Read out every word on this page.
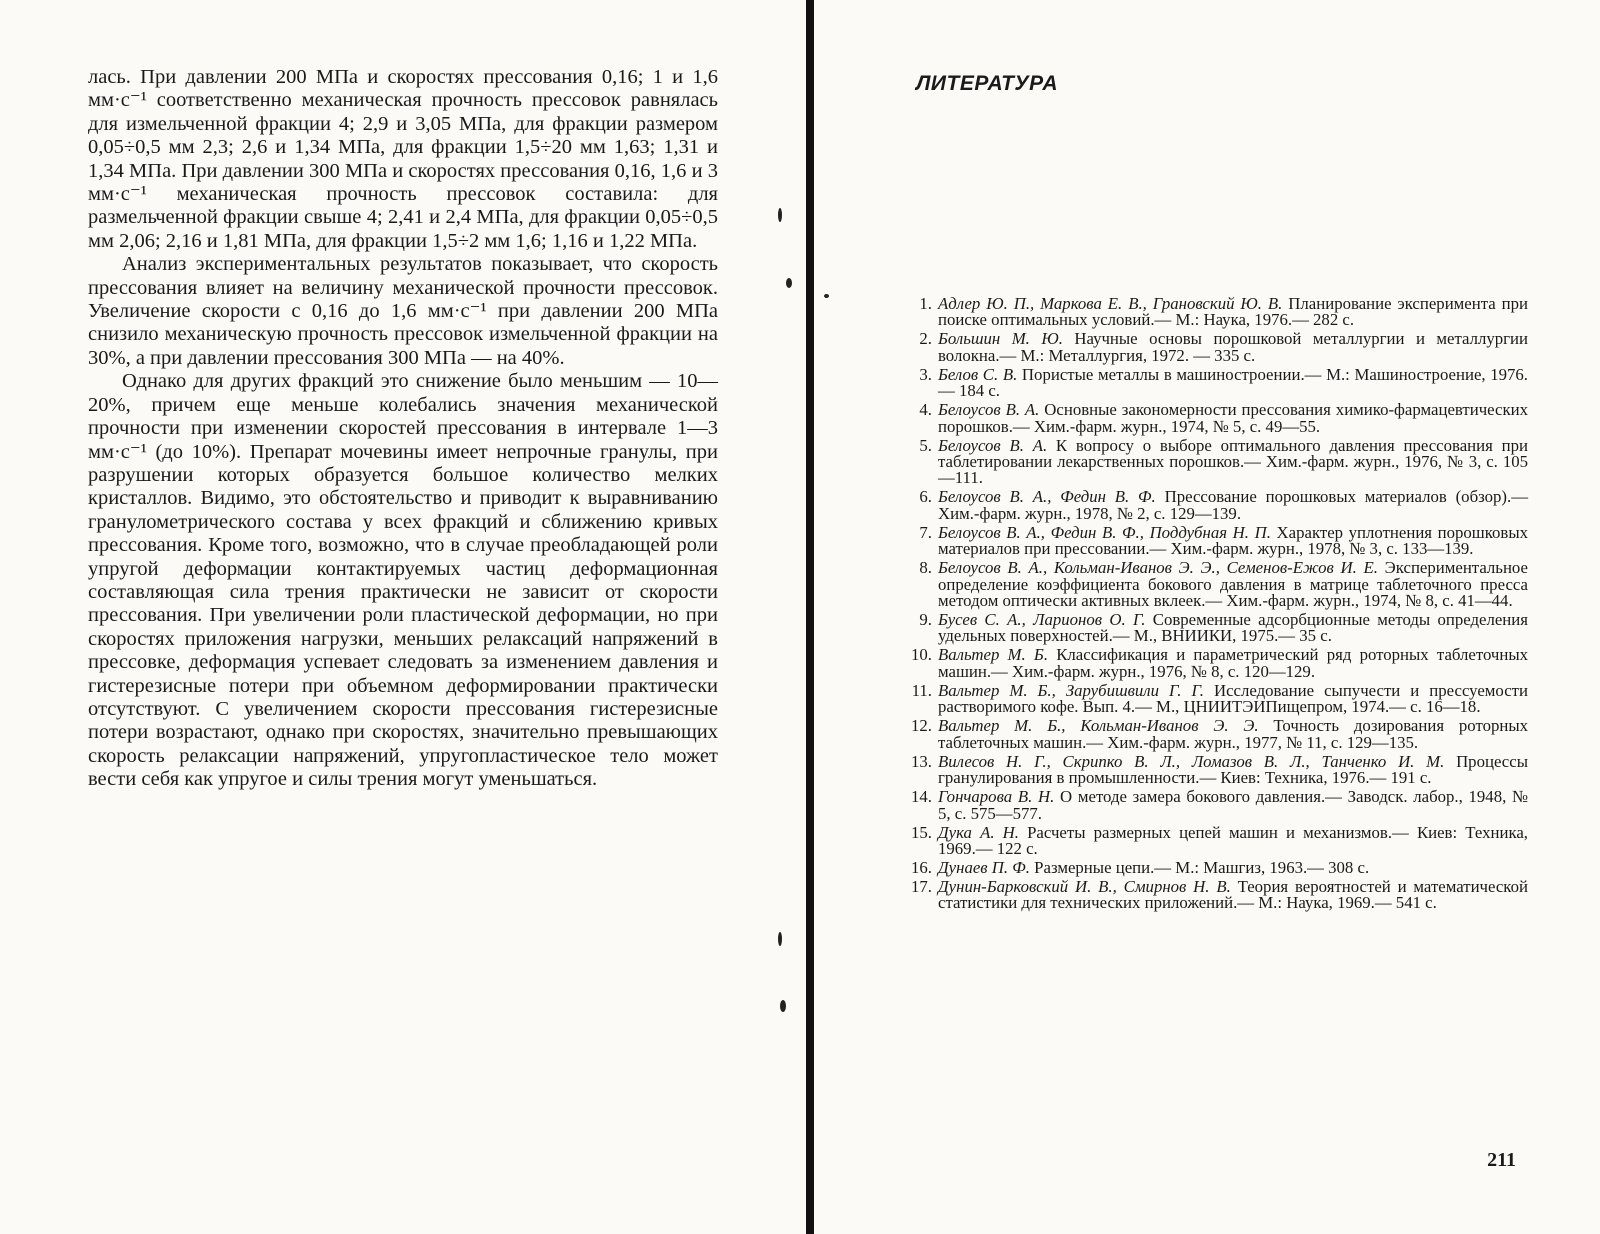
лась. При давлении 200 МПа и скоростях прессования 0,16; 1 и 1,6 мм·с⁻¹ соответственно механическая прочность прессовок равнялась для измельченной фракции 4; 2,9 и 3,05 МПа, для фракции размером 0,05÷0,5 мм 2,3; 2,6 и 1,34 МПа, для фракции 1,5÷20 мм 1,63; 1,31 и 1,34 МПа. При давлении 300 МПа и скоростях прессования 0,16, 1,6 и 3 мм·с⁻¹ механическая прочность прессовок составила: для размельченной фракции свыше 4; 2,41 и 2,4 МПа, для фракции 0,05÷0,5 мм 2,06; 2,16 и 1,81 МПа, для фракции 1,5÷2 мм 1,6; 1,16 и 1,22 МПа.

Анализ экспериментальных результатов показывает, что скорость прессования влияет на величину механической прочности прессовок. Увеличение скорости с 0,16 до 1,6 мм·с⁻¹ при давлении 200 МПа снизило механическую прочность прессовок измельченной фракции на 30%, а при давлении прессования 300 МПа — на 40%.

Однако для других фракций это снижение было меньшим — 10—20%, причем еще меньше колебались значения механической прочности при изменении скоростей прессования в интервале 1—3 мм·с⁻¹ (до 10%). Препарат мочевины имеет непрочные гранулы, при разрушении которых образуется большое количество мелких кристаллов. Видимо, это обстоятельство и приводит к выравниванию гранулометрического состава у всех фракций и сближению кривых прессования. Кроме того, возможно, что в случае преобладающей роли упругой деформации контактируемых частиц деформационная составляющая сила трения практически не зависит от скорости прессования. При увеличении роли пластической деформации, но при скоростях приложения нагрузки, меньших релаксаций напряжений в прессовке, деформация успевает следовать за изменением давления и гистерезисные потери при объемном деформировании практически отсутствуют. С увеличением скорости прессования гистерезисные потери возрастают, однако при скоростях, значительно превышающих скорость релаксации напряжений, упругопластическое тело может вести себя как упругое и силы трения могут уменьшаться.

ЛИТЕРАТУРА
1. Адлер Ю. П., Маркова Е. В., Грановский Ю. В. Планирование эксперимента при поиске оптимальных условий.— М.: Наука, 1976.— 282 с.
2. Большин М. Ю. Научные основы порошковой металлургии и металлургии волокна.— М.: Металлургия, 1972. — 335 с.
3. Белов С. В. Пористые металлы в машиностроении.— М.: Машиностроение, 1976.— 184 с.
4. Белоусов В. А. Основные закономерности прессования химико-фармацевтических порошков.— Хим.-фарм. журн., 1974, № 5, с. 49—55.
5. Белоусов В. А. К вопросу о выборе оптимального давления прессования при таблетировании лекарственных порошков.— Хим.-фарм. журн., 1976, № 3, с. 105—111.
6. Белоусов В. А., Федин В. Ф. Прессование порошковых материалов (обзор).— Хим.-фарм. журн., 1978, № 2, с. 129—139.
7. Белоусов В. А., Федин В. Ф., Поддубная Н. П. Характер уплотнения порошковых материалов при прессовании.— Хим.-фарм. журн., 1978, № 3, с. 133—139.
8. Белоусов В. А., Кольман-Иванов Э. Э., Семенов-Ежов И. Е. Экспериментальное определение коэффициента бокового давления в матрице таблеточного пресса методом оптически активных вклеек.— Хим.-фарм. журн., 1974, № 8, с. 41—44.
9. Бусев С. А., Ларионов О. Г. Современные адсорбционные методы определения удельных поверхностей.— М., ВНИИКИ, 1975.— 35 с.
10. Вальтер М. Б. Классификация и параметрический ряд роторных таблеточных машин.— Хим.-фарм. журн., 1976, № 8, с. 120—129.
11. Вальтер М. Б., Зарубишвили Г. Г. Исследование сыпучести и прессуемости растворимого кофе. Вып. 4.— М., ЦНИИТЭИПищепром, 1974.— с. 16—18.
12. Вальтер М. Б., Кольман-Иванов Э. Э. Точность дозирования роторных таблеточных машин.— Хим.-фарм. журн., 1977, № 11, с. 129—135.
13. Вилесов Н. Г., Скрипко В. Л., Ломазов В. Л., Танченко И. М. Процессы гранулирования в промышленности.— Киев: Техника, 1976.— 191 с.
14. Гончарова В. Н. О методе замера бокового давления.— Заводск. лабор., 1948, № 5, с. 575—577.
15. Дука А. Н. Расчеты размерных цепей машин и механизмов.— Киев: Техника, 1969.— 122 с.
16. Дунаев П. Ф. Размерные цепи.— М.: Машгиз, 1963.— 308 с.
17. Дунин-Барковский И. В., Смирнов Н. В. Теория вероятностей и математической статистики для технических приложений.— М.: Наука, 1969.— 541 с.
211
